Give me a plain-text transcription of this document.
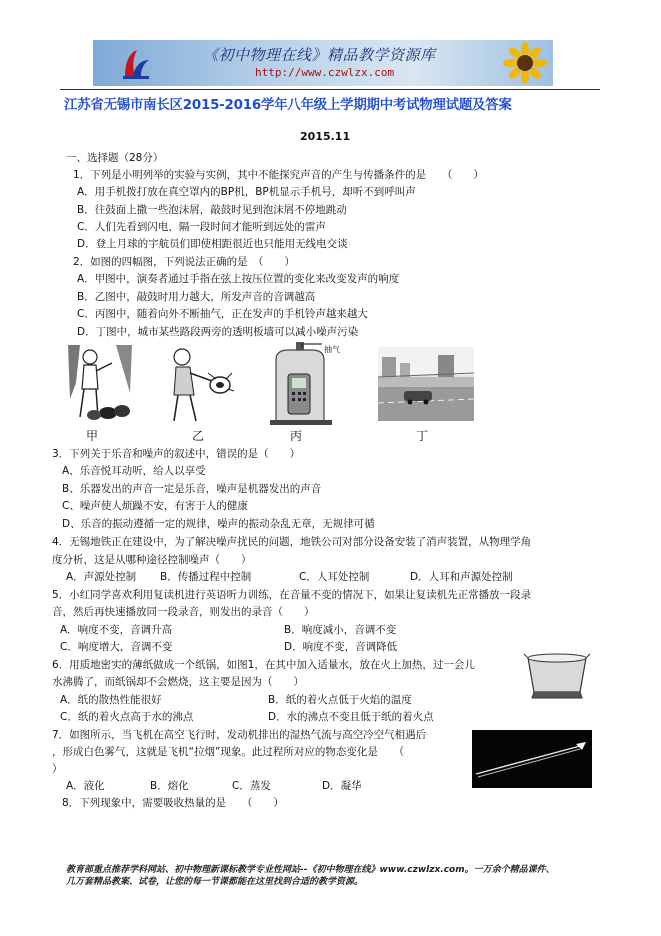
《初中物理在线》精品教学资源库
http://www.czwlzx.com
江苏省无锡市南长区2015-2016学年八年级上学期期中考试物理试题及答案
2015.11
一、选择题（28分）
1．下列是小明列举的实验与实例，其中不能探究声音的产生与传播条件的是　　（　　）
A．用手机拨打放在真空罩内的BP机，BP机显示手机号，却听不到呼叫声
B．往鼓面上撒一些泡沫屑，敲鼓时见到泡沫屑不停地跳动
C．人们先看到闪电，隔一段时间才能听到远处的雷声
D．登上月球的宇航员们即使相距很近也只能用无线电交谈
2．如图的四幅图，下列说法正确的是　（　　）
A．甲图中，演奏者通过手指在弦上按压位置的变化来改变发声的响度
B．乙图中，敲鼓时用力越大，所发声音的音调越高
C．丙图中，随着向外不断抽气，正在发声的手机铃声越来越大
D．丁图中，城市某些路段两旁的透明板墙可以减小噪声污染
抽气
甲	乙	丙	丁
3．下列关于乐音和噪声的叙述中，错误的是（　　）
A、乐音悦耳动听，给人以享受
B、乐器发出的声音一定是乐音，噪声是机器发出的声音
C、噪声使人烦躁不安，有害于人的健康
D、乐音的振动遵循一定的规律，噪声的振动杂乱无章，无规律可循
4．无锡地铁正在建设中，为了解决噪声扰民的问题，地铁公司对部分设备安装了消声装置，从物理学角
度分析，这是从哪种途径控制噪声（　　）
A．声源处控制 B．传播过程中控制	C．人耳处控制	D．人耳和声源处控制
5．小红同学喜欢利用复读机进行英语听力训练，在音量不变的情况下，如果让复读机先正常播放一段录
音，然后再快速播放同一段录音，则发出的录音（　　）
A．响度不变，音调升高	B．响度减小，音调不变
C．响度增大，音调不变	D．响度不变，音调降低
6．用质地密实的薄纸做成一个纸锅，如图1，在其中加入适量水，放在火上加热，过一会儿
水沸腾了，而纸锅却不会燃烧，这主要是因为（　　）
A．纸的散热性能很好	B．纸的着火点低于火焰的温度
C．纸的着火点高于水的沸点	D．水的沸点不变且低于纸的着火点
7．如图所示，当飞机在高空飞行时，发动机排出的湿热气流与高空冷空气相遇后
，形成白色雾气，这就是飞机“拉烟”现象。此过程所对应的物态变化是　　（
）
A．液化	B．熔化	C．蒸发	D．凝华
8．下列现象中，需要吸收热量的是　　（　　）
教育部重点推荐学科网站、初中物理新课标教学专业性网站--《初中物理在线》www.czwlzx.com。一万余个精品课件、
几万套精品教案、试卷，让您的每一节课都能在这里找到合适的教学资源。
